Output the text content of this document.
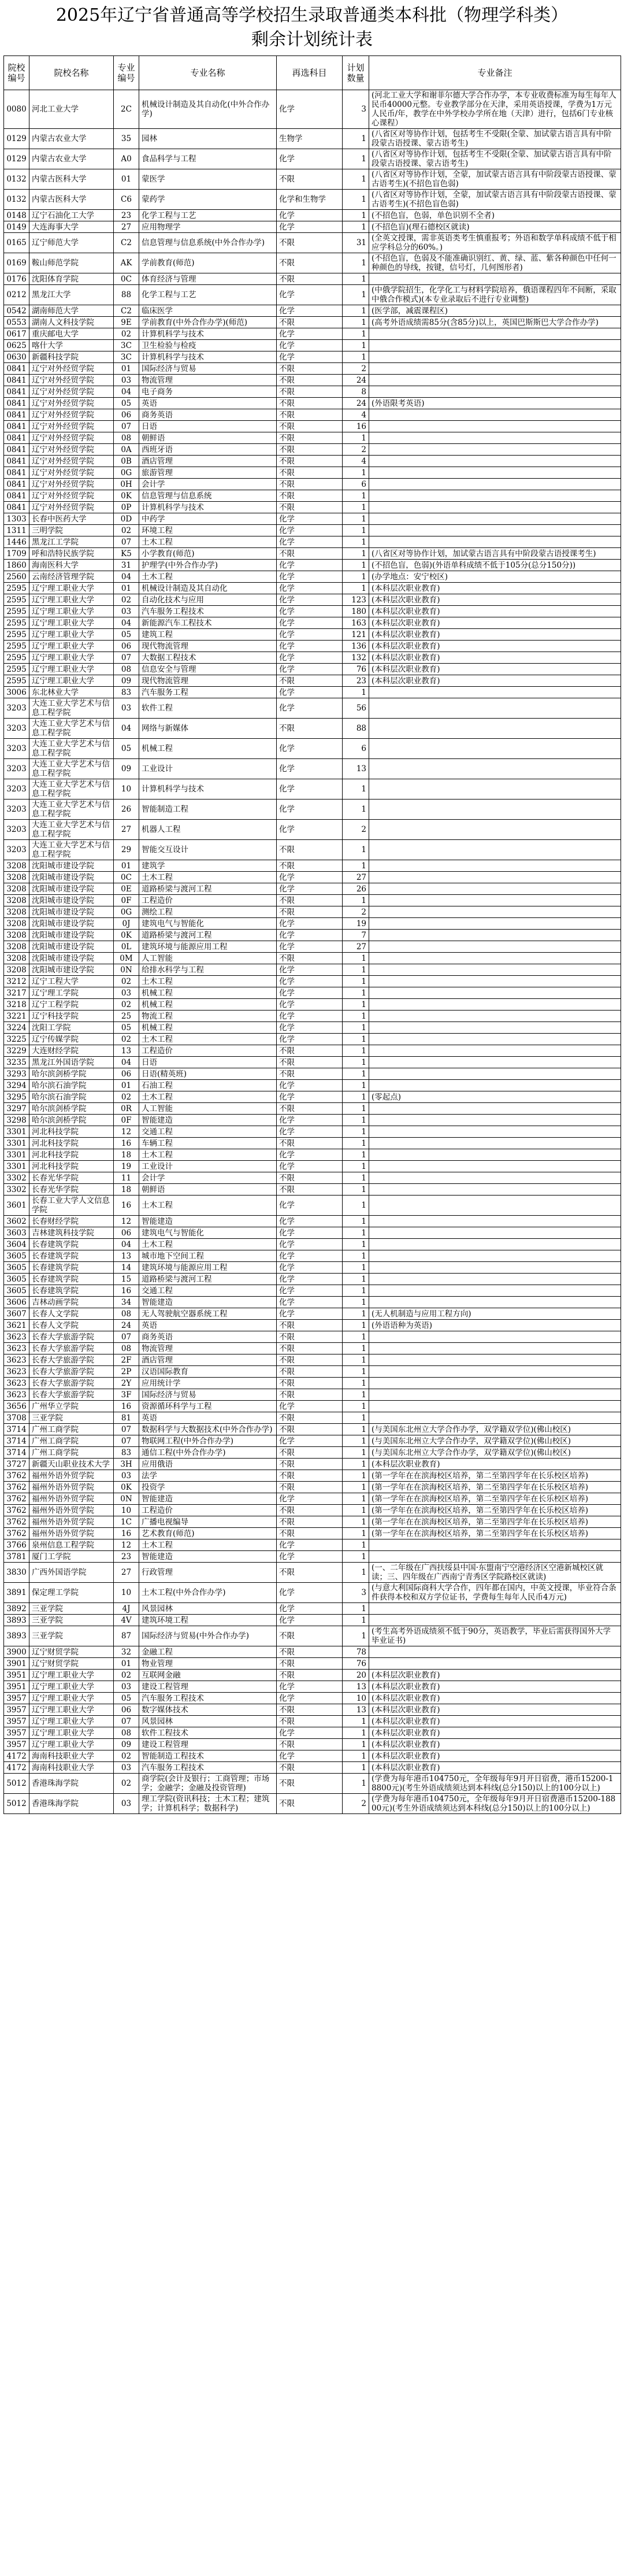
2025年辽宁省普通高等学校招生录取普通类本科批（物理学科类）
剩余计划统计表
院校编号	院校名称	专业编号	专业名称	再选科目	计划数量	专业备注
0080	河北工业大学	2C	机械设计制造及其自动化(中外合作办学)	化学	3	(河北工业大学和谢菲尔德大学合作办学，本专业收费标准为每生每年人民币40000元整。专业教学部分在天津，采用英语授课，学费为1万元人民币/年，教学在中外学校办学所在地（天津）进行，包括6门专业核心课程）
0129	内蒙古农业大学	35	园林	生物学	1	(八省区对等协作计划，包括考生不受限(全蒙、加试蒙古语言具有中阶段蒙古语授课、蒙古语考生)
0129	内蒙古农业大学	A0	食品科学与工程	化学	1	(八省区对等协作计划，包括考生不受限(全蒙、加试蒙古语言具有中阶段蒙古语授课、蒙古语考生)
0132	内蒙古医科大学	01	蒙医学	不限	1	(八省区对等协作计划，全蒙，加试蒙古语言具有中阶段蒙古语授课、蒙古语考生)(不招色盲色弱)
0132	内蒙古医科大学	C6	蒙药学	化学和生物学	1	(八省区对等协作计划，全蒙，加试蒙古语言具有中阶段蒙古语授课、蒙古语考生)(不招色盲色弱)
0148	辽宁石油化工大学	23	化学工程与工艺	化学	1	(不招色盲，色弱，单色识别不全者)
0149	大连海事大学	27	应用物理学	化学	1	(不招色盲)(理石德校区就读)
0165	辽宁师范大学	C2	信息管理与信息系统(中外合作办学)	不限	31	(全英文授课，需非英语类考生慎重报考；外语和数学单科成绩不低于相应学科总分的60%。)
0169	鞍山师范学院	AK	学前教育(师范)	不限	1	(不招色盲，色弱及不能准确识别红、黄、绿、蓝、紫各种颜色中任何一种颜色的导线，按键，信号灯，几何图形者)
0176	沈阳体育学院	0C	体育经济与管理	不限	1	
0212	黑龙江大学	88	化学工程与工艺	化学	1	(中俄学院招生，化学化工与材料学院培养，俄语课程四年不间断，采取中俄合作模式)(本专业录取后不进行专业调整)
0542	湖南师范大学	C2	临床医学	化学	1	(医学部，减震课程区)
0553	湖南人文科技学院	9E	学前教育(中外合作办学)(师范)	不限	1	(高考外语成绩需85分(含85分)以上，英国巴斯斯巴大学合作办学)
0617	重庆邮电大学	02	计算机科学与技术	化学	1	
0625	喀什大学	3C	卫生检验与检疫	化学	1	
0630	新疆科技学院	3C	计算机科学与技术	化学	1	
0841	辽宁对外经贸学院	01	国际经济与贸易	不限	2	
0841	辽宁对外经贸学院	03	物流管理	不限	24	
0841	辽宁对外经贸学院	04	电子商务	不限	8	
0841	辽宁对外经贸学院	05	英语	不限	24	(外语限考英语)
0841	辽宁对外经贸学院	06	商务英语	不限	4	
0841	辽宁对外经贸学院	07	日语	不限	16	
0841	辽宁对外经贸学院	08	朝鲜语	不限	1	
0841	辽宁对外经贸学院	0A	西班牙语	不限	2	
0841	辽宁对外经贸学院	0B	酒店管理	不限	4	
0841	辽宁对外经贸学院	0G	旅游管理	不限	1	
0841	辽宁对外经贸学院	0H	会计学	不限	6	
0841	辽宁对外经贸学院	0K	信息管理与信息系统	不限	1	
0841	辽宁对外经贸学院	0P	计算机科学与技术	不限	1	
1303	长春中医药大学	0D	中药学	化学	1	
1311	三明学院	02	环境工程	化学	1	
1446	黑龙江工学院	07	土木工程	化学	1	
1709	呼和浩特民族学院	K5	小学教育(师范)	不限	1	(八省区对等协作计划，加试蒙古语言具有中阶段蒙古语授课考生)
1860	海南医科大学	31	护理学(中外合作办学)	化学	1	(不招色盲，色弱)(外语单科成绩不低于105分(总分150分))
2560	云南经济管理学院	04	土木工程	化学	1	(办学地点：安宁校区)
2595	辽宁理工职业大学	01	机械设计制造及其自动化	化学	1	(本科层次职业教育)
2595	辽宁理工职业大学	02	自动化技术与应用	化学	123	(本科层次职业教育)
2595	辽宁理工职业大学	03	汽车服务工程技术	化学	180	(本科层次职业教育)
2595	辽宁理工职业大学	04	新能源汽车工程技术	化学	163	(本科层次职业教育)
2595	辽宁理工职业大学	05	建筑工程	化学	121	(本科层次职业教育)
2595	辽宁理工职业大学	06	现代物流管理	化学	136	(本科层次职业教育)
2595	辽宁理工职业大学	07	大数据工程技术	化学	132	(本科层次职业教育)
2595	辽宁理工职业大学	08	信息安全与管理	化学	76	(本科层次职业教育)
2595	辽宁理工职业大学	09	现代物流管理	不限	23	(本科层次职业教育)
3006	东北林业大学	83	汽车服务工程	化学	1	
3203	大连工业大学艺术与信息工程学院	03	软件工程	化学	56	
3203	大连工业大学艺术与信息工程学院	04	网络与新媒体	不限	88	
3203	大连工业大学艺术与信息工程学院	05	机械工程	化学	6	
3203	大连工业大学艺术与信息工程学院	09	工业设计	化学	13	
3203	大连工业大学艺术与信息工程学院	10	计算机科学与技术	化学	1	
3203	大连工业大学艺术与信息工程学院	26	智能制造工程	化学	1	
3203	大连工业大学艺术与信息工程学院	27	机器人工程	化学	2	
3203	大连工业大学艺术与信息工程学院	29	智能交互设计	不限	1	
3208	沈阳城市建设学院	01	建筑学	不限	1	
3208	沈阳城市建设学院	0C	土木工程	化学	27	
3208	沈阳城市建设学院	0E	道路桥梁与渡河工程	化学	26	
3208	沈阳城市建设学院	0F	工程造价	不限	1	
3208	沈阳城市建设学院	0G	测绘工程	不限	2	
3208	沈阳城市建设学院	0J	建筑电气与智能化	化学	19	
3208	沈阳城市建设学院	0K	道路桥梁与渡河工程	化学	7	
3208	沈阳城市建设学院	0L	建筑环境与能源应用工程	化学	27	
3208	沈阳城市建设学院	0M	人工智能	不限	1	
3208	沈阳城市建设学院	0N	给排水科学与工程	化学	1	
3212	辽宁工程大学	02	土木工程	化学	1	
3217	辽宁理工学院	03	机械工程	化学	1	
3218	辽宁工程学院	02	机械工程	化学	1	
3221	辽宁科技学院	25	物流工程	化学	1	
3224	沈阳工学院	05	机械工程	化学	1	
3225	辽宁传媒学院	02	土木工程	化学	1	
3229	大连财经学院	13	工程造价	不限	1	
3235	黑龙江外国语学院	04	日语	不限	1	
3293	哈尔滨剑桥学院	06	日语(精英班)	不限	1	
3294	哈尔滨石油学院	01	石油工程	化学	1	
3295	哈尔滨石油学院	02	土木工程	化学	1	(零起点)
3297	哈尔滨剑桥学院	0R	人工智能	不限	1	
3298	哈尔滨剑桥学院	0F	智能建造	化学	1	
3301	河北科技学院	12	交通工程	化学	1	
3301	河北科技学院	16	车辆工程	不限	1	
3301	河北科技学院	18	土木工程	化学	1	
3301	河北科技学院	19	工业设计	化学	1	
3302	长春光华学院	11	会计学	不限	1	
3302	长春光华学院	18	朝鲜语	不限	1	
3601	长春工业大学人文信息学院	16	土木工程	化学	1	
3602	长春财经学院	12	智能建造	化学	1	
3603	吉林建筑科技学院	06	建筑电气与智能化	化学	1	
3604	长春建筑学院	04	土木工程	化学	1	
3605	长春建筑学院	13	城市地下空间工程	化学	1	
3605	长春建筑学院	14	建筑环境与能源应用工程	化学	1	
3605	长春建筑学院	15	道路桥梁与渡河工程	化学	1	
3605	长春建筑学院	16	交通工程	化学	1	
3606	吉林动画学院	34	智能建造	化学	1	
3607	长春人文学院	08	无人驾驶航空器系统工程	化学	1	(无人机制造与应用工程方向)
3621	长春人文学院	24	英语	不限	1	(外语语种为英语)
3623	长春大学旅游学院	07	商务英语	不限	1	
3623	长春大学旅游学院	08	物流管理	不限	1	
3623	长春大学旅游学院	2F	酒店管理	不限	1	
3623	长春大学旅游学院	2P	汉语国际教育	不限	1	
3623	长春大学旅游学院	2Y	应用统计学	不限	1	
3623	长春大学旅游学院	3F	国际经济与贸易	不限	1	
3656	广州华立学院	16	资源循环科学与工程	化学	1	
3708	三亚学院	81	英语	不限	1	
3714	广州工商学院	07	数据科学与大数据技术(中外合作办学)	不限	1	(与美国东北州立大学合作办学，双学籍双学位)(佛山校区)
3714	广州工商学院	07	物联网工程(中外合作办学)	化学	1	(与美国东北州立大学合作办学，双学籍双学位)(佛山校区)
3714	广州工商学院	83	通信工程(中外合作办学)	不限	1	(与美国东北州立大学合作办学，双学籍双学位)(佛山校区)
3727	新疆天山职业技术大学	3H	应用俄语	不限	1	(本科层次职业教育)
3762	福州外语外贸学院	03	法学	不限	1	(第一学年在在滨海校区培养，第二至第四学年在长乐校区培养)
3762	福州外语外贸学院	0K	投资学	不限	1	(第一学年在在滨海校区培养，第二至第四学年在长乐校区培养)
3762	福州外语外贸学院	0N	智能建造	化学	1	(第一学年在在滨海校区培养，第二至第四学年在长乐校区培养)
3762	福州外语外贸学院	10	工程造价	不限	1	(第一学年在在滨海校区培养，第二至第四学年在长乐校区培养)
3762	福州外语外贸学院	1C	广播电视编导	不限	1	(第一学年在在滨海校区培养，第二至第四学年在长乐校区培养)
3762	福州外语外贸学院	16	艺术教育(师范)	不限	1	(第一学年在在滨海校区培养，第二至第四学年在长乐校区培养)
3766	泉州信息工程学院	12	土木工程	化学	1	
3781	厦门工学院	23	智能建造	化学	1	
3830	广西外国语学院	27	行政管理	不限	1	(一、二年级在广西扶绥县中国·东盟南宁空港经济区空港新城校区就读；三、四年级在广西南宁青秀区学院路校区就读)
3891	保定理工学院	10	土木工程(中外合作办学)	化学	3	(与意大利国际商科大学合作，四年都在国内，中英文授课，毕业符合条件获得本校和双方学位证书，学费每生每年人民币4万元)
3892	三亚学院	4J	风景园林	化学	1	
3893	三亚学院	4V	建筑环境工程	化学	1	
3893	三亚学院	87	国际经济与贸易(中外合作办学)	不限	1	(考生高考外语成绩须不低于90分，英语教学，毕业后需获得国外大学毕业证书)
3900	辽宁财贸学院	32	金融工程	不限	78	
3901	辽宁财贸学院	01	物业管理	不限	76	
3951	辽宁理工职业大学	02	互联网金融	不限	20	(本科层次职业教育)
3951	辽宁理工职业大学	03	建设工程管理	化学	13	(本科层次职业教育)
3957	辽宁理工职业大学	05	汽车服务工程技术	化学	10	(本科层次职业教育)
3957	辽宁理工职业大学	06	数字媒体技术	不限	13	(本科层次职业教育)
3957	辽宁理工职业大学	07	风景园林	不限	1	(本科层次职业教育)
3957	辽宁理工职业大学	08	软件工程技术	化学	1	(本科层次职业教育)
3957	辽宁理工职业大学	09	建设工程管理	不限	1	(本科层次职业教育)
4172	海南科技职业大学	02	智能制造工程技术	化学	1	(本科层次职业教育)
4172	海南科技职业大学	03	汽车服务工程技术	不限	1	(本科层次职业教育)
5012	香港珠海学院	02	商学院(会计及银行；工商管理；市场学；金融学；金融及投资管理)	不限	1	(学费为每年港币104750元，全年级每年9月开日宿费，港币15200-18800元)(考生外语成绩须达到本科线(总分150)以上的100分以上)
5012	香港珠海学院	03	理工学院(资讯科技；土木工程；建筑学；计算机科学；数据科学)	不限	2	(学费为每年港币104750元，全年级每年9月开日宿费港币15200-18800元)(考生外语成绩须达到本科线(总分150)以上的100分以上)
